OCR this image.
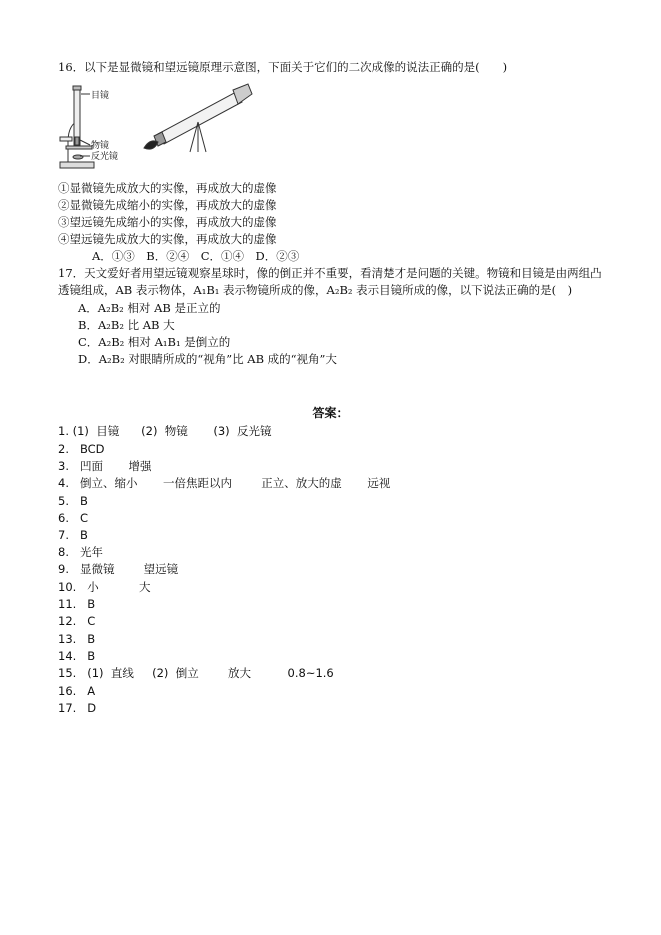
16．以下是显微镜和望远镜原理示意图，下面关于它们的二次成像的说法正确的是(　　)
目镜
物镜
反光镜
①显微镜先成放大的实像，再成放大的虚像
②显微镜先成缩小的实像，再成放大的虚像
③望远镜先成缩小的实像，再成放大的虚像
④望远镜先成放大的实像，再成放大的虚像
A．①③　B．②④　C．①④　D．②③
17．天文爱好者用望远镜观察星球时，像的倒正并不重要，看清楚才是问题的关键。物镜和目镜是由两组凸
透镜组成，AB 表示物体，A₁B₁ 表示物镜所成的像，A₂B₂ 表示目镜所成的像，以下说法正确的是(　)
A．A₂B₂ 相对 AB 是正立的
B．A₂B₂ 比 AB 大
C．A₂B₂ 相对 A₁B₁ 是倒立的
D．A₂B₂ 对眼睛所成的“视角”比 AB 成的“视角”大
答案：
1. (1)  目镜      (2)  物镜       (3)  反光镜
2.   BCD
3.   凹面       增强
4.   倒立、缩小       一倍焦距以内        正立、放大的虚       远视
5.   B
6.   C
7.   B
8.   光年
9.   显微镜        望远镜
10.   小           大
11.   B
12.   C
13.   B
14.   B
15.   (1)  直线     (2)  倒立        放大          0.8~1.6
16.   A
17.   D
